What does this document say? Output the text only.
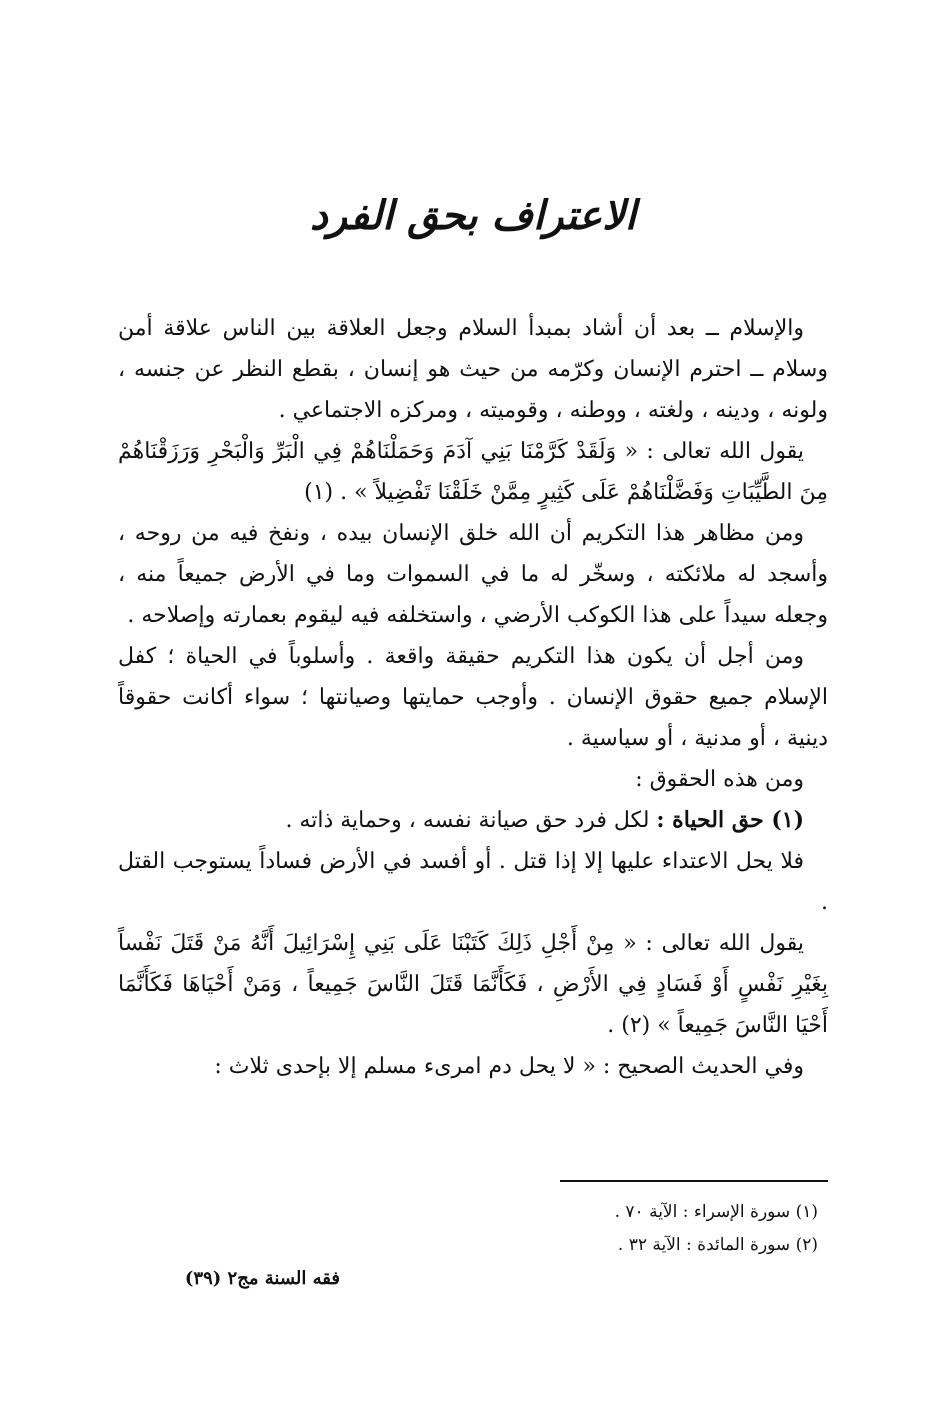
الاعتراف بحق الفرد

والإسلام ــ بعد أن أشاد بمبدأ السلام وجعل العلاقة بين الناس علاقة أمن وسلام ــ احترم الإنسان وكرّمه من حيث هو إنسان ، بقطع النظر عن جنسه ، ولونه ، ودينه ، ولغته ، ووطنه ، وقوميته ، ومركزه الاجتماعي .

يقول الله تعالى : « وَلَقَدْ كَرَّمْنَا بَنِي آدَمَ وَحَمَلْنَاهُمْ فِي الْبَرِّ وَالْبَحْرِ وَرَزَقْنَاهُمْ مِنَ الطَّيِّبَاتِ وَفَضَّلْنَاهُمْ عَلَى كَثِيرٍ مِمَّنْ خَلَقْنَا تَفْضِيلاً » . (١)

ومن مظاهر هذا التكريم أن الله خلق الإنسان بيده ، ونفخ فيه من روحه ، وأسجد له ملائكته ، وسخّر له ما في السموات وما في الأرض جميعاً منه ، وجعله سيداً على هذا الكوكب الأرضي ، واستخلفه فيه ليقوم بعمارته وإصلاحه .

ومن أجل أن يكون هذا التكريم حقيقة واقعة . وأسلوباً في الحياة ؛ كفل الإسلام جميع حقوق الإنسان . وأوجب حمايتها وصيانتها ؛ سواء أكانت حقوقاً دينية ، أو مدنية ، أو سياسية .

ومن هذه الحقوق :

(١) حق الحياة : لكل فرد حق صيانة نفسه ، وحماية ذاته .

فلا يحل الاعتداء عليها إلا إذا قتل . أو أفسد في الأرض فساداً يستوجب القتل .

يقول الله تعالى : « مِنْ أَجْلِ ذَلِكَ كَتَبْنَا عَلَى بَنِي إِسْرَائِيلَ أَنَّهُ مَنْ قَتَلَ نَفْساً بِغَيْرِ نَفْسٍ أَوْ فَسَادٍ فِي الأَرْضِ ، فَكَأَنَّمَا قَتَلَ النَّاسَ جَمِيعاً ، وَمَنْ أَحْيَاهَا فَكَأَنَّمَا أَحْيَا النَّاسَ جَمِيعاً » (٢) .

وفي الحديث الصحيح : « لا يحل دم امرىء مسلم إلا بإحدى ثلاث :

(١) سورة الإسراء : الآية ٧٠ .
(٢) سورة المائدة : الآية ٣٢ .
فقه السنة مج٢ (٣٩)
